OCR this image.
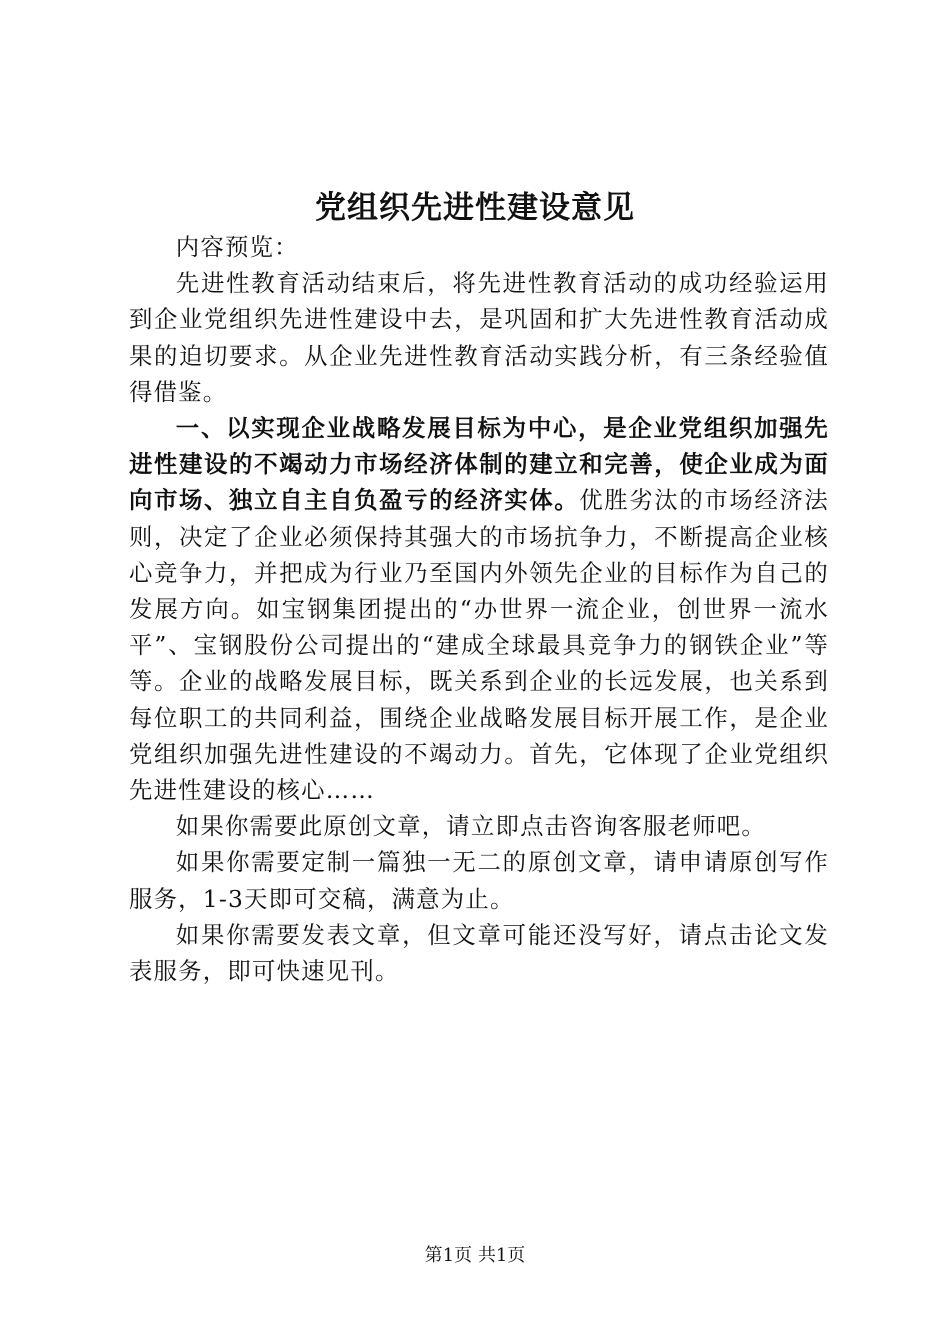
党组织先进性建设意见

内容预览：

先进性教育活动结束后，将先进性教育活动的成功经验运用到企业党组织先进性建设中去，是巩固和扩大先进性教育活动成果的迫切要求。从企业先进性教育活动实践分析，有三条经验值得借鉴。

一、以实现企业战略发展目标为中心，是企业党组织加强先进性建设的不竭动力市场经济体制的建立和完善，使企业成为面向市场、独立自主自负盈亏的经济实体。优胜劣汰的市场经济法则，决定了企业必须保持其强大的市场抗争力，不断提高企业核心竞争力，并把成为行业乃至国内外领先企业的目标作为自己的发展方向。如宝钢集团提出的“办世界一流企业，创世界一流水平”、宝钢股份公司提出的“建成全球最具竞争力的钢铁企业”等等。企业的战略发展目标，既关系到企业的长远发展，也关系到每位职工的共同利益，围绕企业战略发展目标开展工作，是企业党组织加强先进性建设的不竭动力。首先，它体现了企业党组织先进性建设的核心……

如果你需要此原创文章，请立即点击咨询客服老师吧。

如果你需要定制一篇独一无二的原创文章，请申请原创写作服务，1-3天即可交稿，满意为止。

如果你需要发表文章，但文章可能还没写好，请点击论文发表服务，即可快速见刊。

第1页 共1页
